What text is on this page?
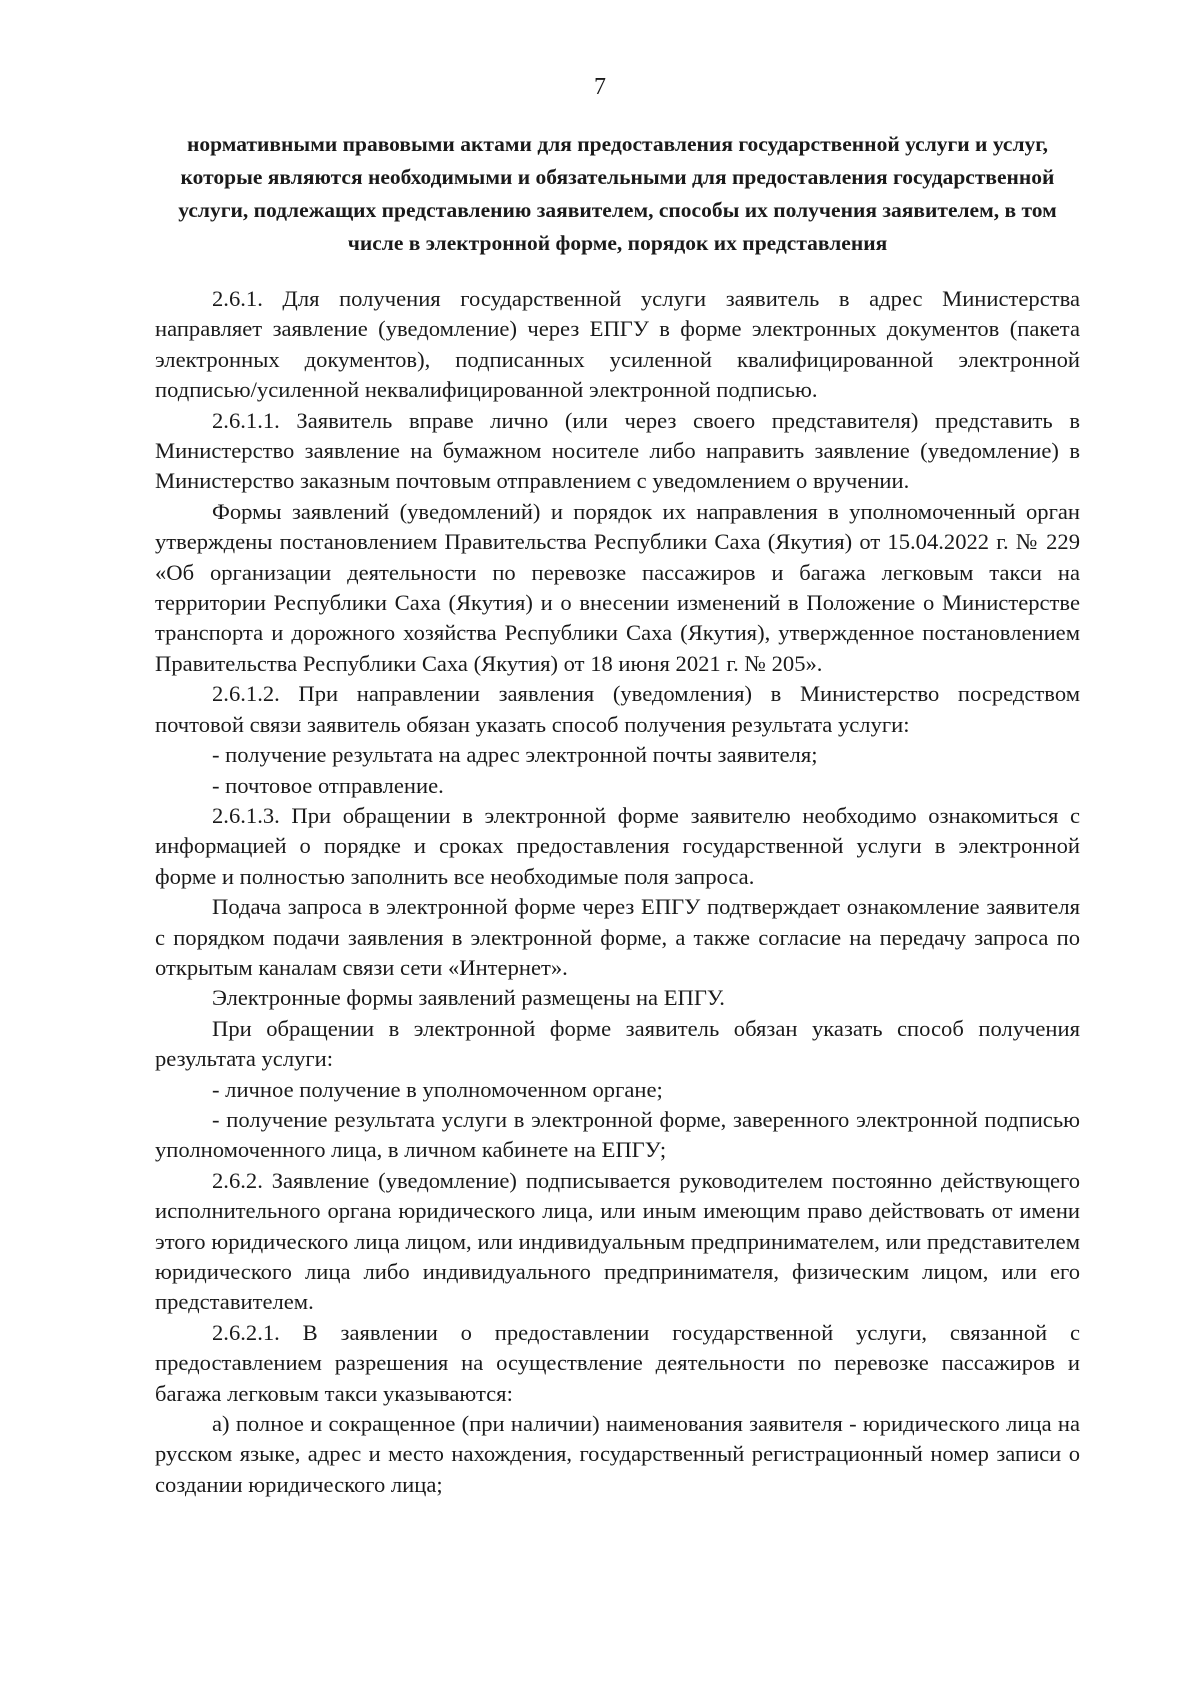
7
нормативными правовыми актами для предоставления государственной услуги и услуг, которые являются необходимыми и обязательными для предоставления государственной услуги, подлежащих представлению заявителем, способы их получения заявителем, в том числе в электронной форме, порядок их представления

2.6.1. Для получения государственной услуги заявитель в адрес Министерства направляет заявление (уведомление) через ЕПГУ в форме электронных документов (пакета электронных документов), подписанных усиленной квалифицированной электронной подписью/усиленной неквалифицированной электронной подписью.

2.6.1.1. Заявитель вправе лично (или через своего представителя) представить в Министерство заявление на бумажном носителе либо направить заявление (уведомление) в Министерство заказным почтовым отправлением с уведомлением о вручении.

Формы заявлений (уведомлений) и порядок их направления в уполномоченный орган утверждены постановлением Правительства Республики Саха (Якутия) от 15.04.2022 г. № 229 «Об организации деятельности по перевозке пассажиров и багажа легковым такси на территории Республики Саха (Якутия) и о внесении изменений в Положение о Министерстве транспорта и дорожного хозяйства Республики Саха (Якутия), утвержденное постановлением Правительства Республики Саха (Якутия) от 18 июня 2021 г. № 205».

2.6.1.2. При направлении заявления (уведомления) в Министерство посредством почтовой связи заявитель обязан указать способ получения результата услуги:

- получение результата на адрес электронной почты заявителя;

- почтовое отправление.

2.6.1.3. При обращении в электронной форме заявителю необходимо ознакомиться с информацией о порядке и сроках предоставления государственной услуги в электронной форме и полностью заполнить все необходимые поля запроса.

Подача запроса в электронной форме через ЕПГУ подтверждает ознакомление заявителя с порядком подачи заявления в электронной форме, а также согласие на передачу запроса по открытым каналам связи сети «Интернет».

Электронные формы заявлений размещены на ЕПГУ.

При обращении в электронной форме заявитель обязан указать способ получения результата услуги:

- личное получение в уполномоченном органе;

- получение результата услуги в электронной форме, заверенного электронной подписью уполномоченного лица, в личном кабинете на ЕПГУ;

2.6.2. Заявление (уведомление) подписывается руководителем постоянно действующего исполнительного органа юридического лица, или иным имеющим право действовать от имени этого юридического лица лицом, или индивидуальным предпринимателем, или представителем юридического лица либо индивидуального предпринимателя, физическим лицом, или его представителем.

2.6.2.1. В заявлении о предоставлении государственной услуги, связанной с предоставлением разрешения на осуществление деятельности по перевозке пассажиров и багажа легковым такси указываются:

а) полное и сокращенное (при наличии) наименования заявителя - юридического лица на русском языке, адрес и место нахождения, государственный регистрационный номер записи о создании юридического лица;
